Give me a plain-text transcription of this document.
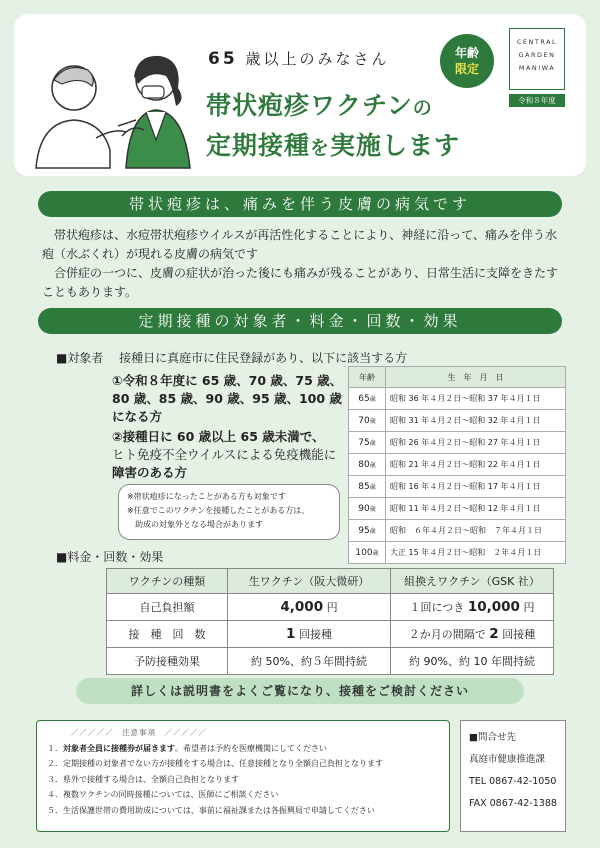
65 歳以上のみなさん
帯状疱疹ワクチンの
定期接種を実施します
年齢
限定
CENTRAL
GARDEN
MANIWA
令和８年度
帯状疱疹は、痛みを伴う皮膚の病気です
　帯状疱疹は、水痘帯状疱疹ウイルスが再活性化することにより、神経に沿って、痛みを伴う水疱（水ぶくれ）が現れる皮膚の病気です
　合併症の一つに、皮膚の症状が治った後にも痛みが残ることがあり、日常生活に支障をきたすこともあります。
定期接種の対象者・料金・回数・効果
■対象者　 接種日に真庭市に住民登録があり、以下に該当する方
①令和８年度に 65 歳、70 歳、75 歳、80 歳、85 歳、90 歳、95 歳、100 歳になる方
②接種日に 60 歳以上 65 歳未満で、
ヒト免疫不全ウイルスによる免疫機能に
障害のある方
※帯状疱疹になったことがある方も対象です
※任意でこのワクチンを接種したことがある方は、
　助成の対象外となる場合があります
年齢	生　年　月　日
65歳	昭和 36 年４月２日～昭和 37 年４月１日
70歳	昭和 31 年４月２日～昭和 32 年４月１日
75歳	昭和 26 年４月２日～昭和 27 年４月１日
80歳	昭和 21 年４月２日～昭和 22 年４月１日
85歳	昭和 16 年４月２日～昭和 17 年４月１日
90歳	昭和 11 年４月２日～昭和 12 年４月１日
95歳	昭和　６年４月２日～昭和　７年４月１日
100歳	大正 15 年４月２日～昭和　２年４月１日
■料金・回数・効果
ワクチンの種類	生ワクチン（阪大微研）	組換えワクチン（GSK 社）
自己負担額	4,000 円	１回につき 10,000 円
接　種　回　数	1 回接種	２か月の間隔で 2 回接種
予防接種効果	約 50%、約５年間持続	約 90%、約 10 年間持続
詳しくは説明書をよくご覧になり、接種をご検討ください
／／／／／　注意事項　／／／／／
１．対象者全員に接種券が届きます。希望者は予約を医療機関にしてください
２．定期接種の対象者でない方が接種をする場合は、任意接種となり全額自己負担となります
３．県外で接種する場合は、全額自己負担となります
４．複数ワクチンの同時接種については、医師にご相談ください
５．生活保護世帯の費用助成については、事前に福祉課または各振興局で申請してください
■問合せ先
真庭市健康推進課
TEL 0867-42-1050
FAX 0867-42-1388
